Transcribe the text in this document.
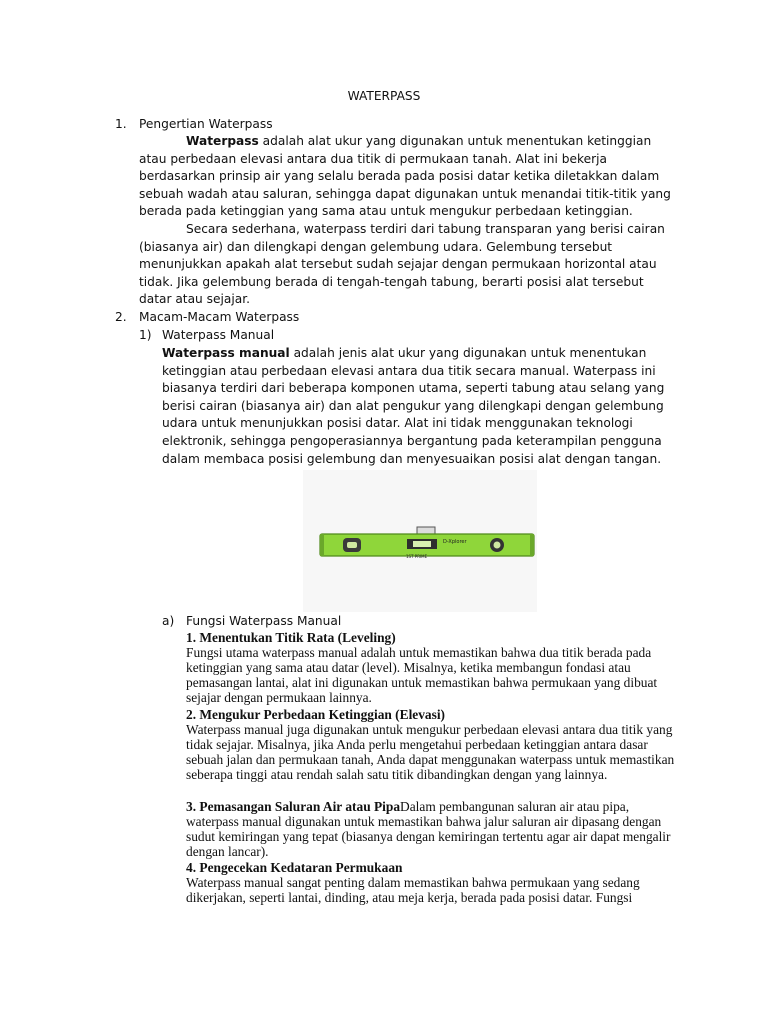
WATERPASS
1. Pengertian Waterpass
Waterpass adalah alat ukur yang digunakan untuk menentukan ketinggian atau perbedaan elevasi antara dua titik di permukaan tanah. Alat ini bekerja berdasarkan prinsip air yang selalu berada pada posisi datar ketika diletakkan dalam sebuah wadah atau saluran, sehingga dapat digunakan untuk menandai titik-titik yang berada pada ketinggian yang sama atau untuk mengukur perbedaan ketinggian.
Secara sederhana, waterpass terdiri dari tabung transparan yang berisi cairan (biasanya air) dan dilengkapi dengan gelembung udara. Gelembung tersebut menunjukkan apakah alat tersebut sudah sejajar dengan permukaan horizontal atau tidak. Jika gelembung berada di tengah-tengah tabung, berarti posisi alat tersebut datar atau sejajar.
2. Macam-Macam Waterpass
1) Waterpass Manual
Waterpass manual adalah jenis alat ukur yang digunakan untuk menentukan ketinggian atau perbedaan elevasi antara dua titik secara manual. Waterpass ini biasanya terdiri dari beberapa komponen utama, seperti tabung atau selang yang berisi cairan (biasanya air) dan alat pengukur yang dilengkapi dengan gelembung udara untuk menunjukkan posisi datar. Alat ini tidak menggunakan teknologi elektronik, sehingga pengoperasiannya bergantung pada keterampilan pengguna dalam membaca posisi gelembung dan menyesuaikan posisi alat dengan tangan.
D-Xplorer
1ST PRIME
a) Fungsi Waterpass Manual
1. Menentukan Titik Rata (Leveling)
Fungsi utama waterpass manual adalah untuk memastikan bahwa dua titik berada pada ketinggian yang sama atau datar (level). Misalnya, ketika membangun fondasi atau pemasangan lantai, alat ini digunakan untuk memastikan bahwa permukaan yang dibuat sejajar dengan permukaan lainnya.
2. Mengukur Perbedaan Ketinggian (Elevasi)
Waterpass manual juga digunakan untuk mengukur perbedaan elevasi antara dua titik yang tidak sejajar. Misalnya, jika Anda perlu mengetahui perbedaan ketinggian antara dasar sebuah jalan dan permukaan tanah, Anda dapat menggunakan waterpass untuk memastikan seberapa tinggi atau rendah salah satu titik dibandingkan dengan yang lainnya.
3. Pemasangan Saluran Air atau PipaDalam pembangunan saluran air atau pipa, waterpass manual digunakan untuk memastikan bahwa jalur saluran air dipasang dengan sudut kemiringan yang tepat (biasanya dengan kemiringan tertentu agar air dapat mengalir dengan lancar).
4. Pengecekan Kedataran Permukaan
Waterpass manual sangat penting dalam memastikan bahwa permukaan yang sedang dikerjakan, seperti lantai, dinding, atau meja kerja, berada pada posisi datar. Fungsi
